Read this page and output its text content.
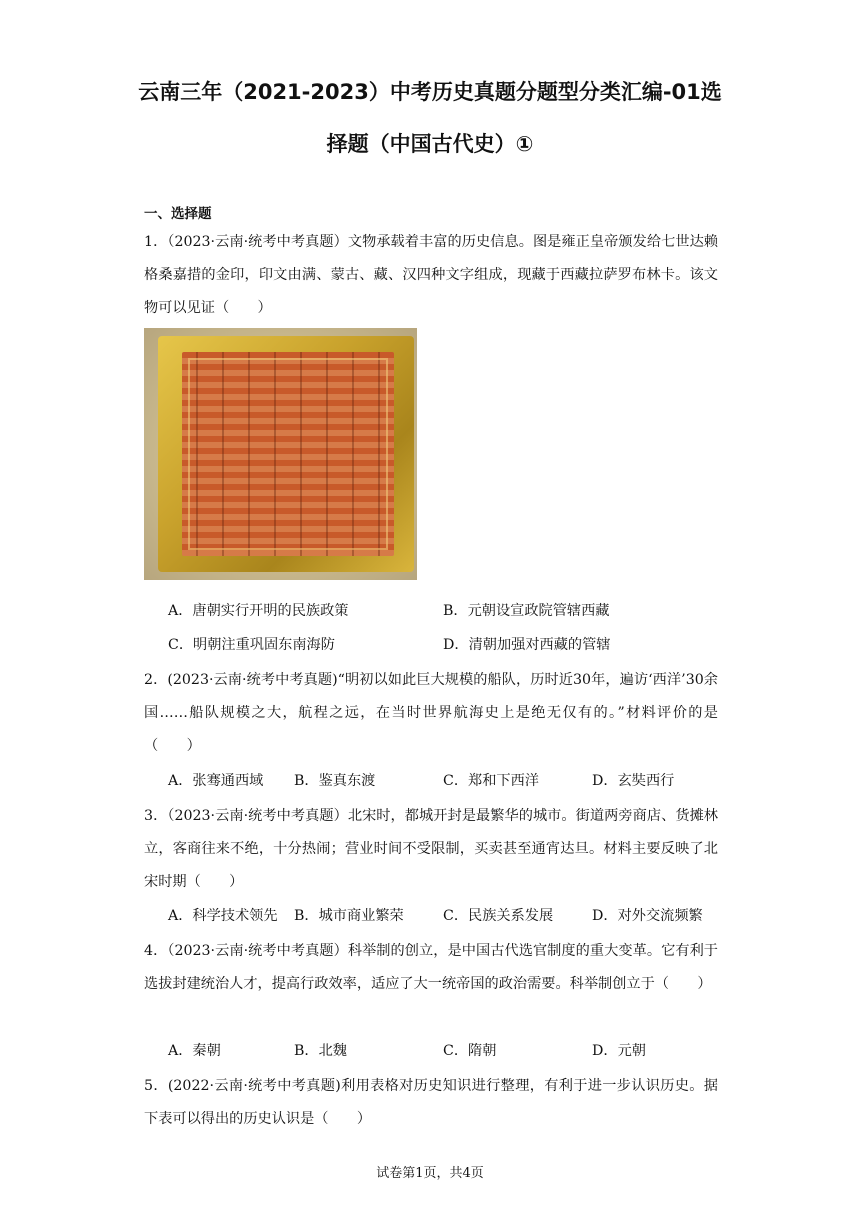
云南三年（2021-2023）中考历史真题分题型分类汇编-01选
择题（中国古代史）①
一、选择题
1．（2023·云南·统考中考真题）文物承载着丰富的历史信息。图是雍正皇帝颁发给七世达赖格桑嘉措的金印，印文由满、蒙古、藏、汉四种文字组成，现藏于西藏拉萨罗布林卡。该文物可以见证（　　）
A．唐朝实行开明的民族政策	B．元朝设宣政院管辖西藏
C．明朝注重巩固东南海防	D．清朝加强对西藏的管辖
2．(2023·云南·统考中考真题)“明初以如此巨大规模的船队，历时近30年，遍访‘西洋’30余国……船队规模之大，航程之远，在当时世界航海史上是绝无仅有的。”材料评价的是（　　）
A．张骞通西域 B．鉴真东渡	C．郑和下西洋	D．玄奘西行
3．（2023·云南·统考中考真题）北宋时，都城开封是最繁华的城市。街道两旁商店、货摊林立，客商往来不绝，十分热闹；营业时间不受限制，买卖甚至通宵达旦。材料主要反映了北宋时期（　　）
A．科学技术领先 B．城市商业繁荣	C．民族关系发展	D．对外交流频繁
4．（2023·云南·统考中考真题）科举制的创立，是中国古代选官制度的重大变革。它有利于选拔封建统治人才，提高行政效率，适应了大一统帝国的政治需要。科举制创立于（　　）
A．秦朝	B．北魏	C．隋朝	D．元朝
5．(2022·云南·统考中考真题)利用表格对历史知识进行整理，有利于进一步认识历史。据下表可以得出的历史认识是（　　）
试卷第1页，共4页
